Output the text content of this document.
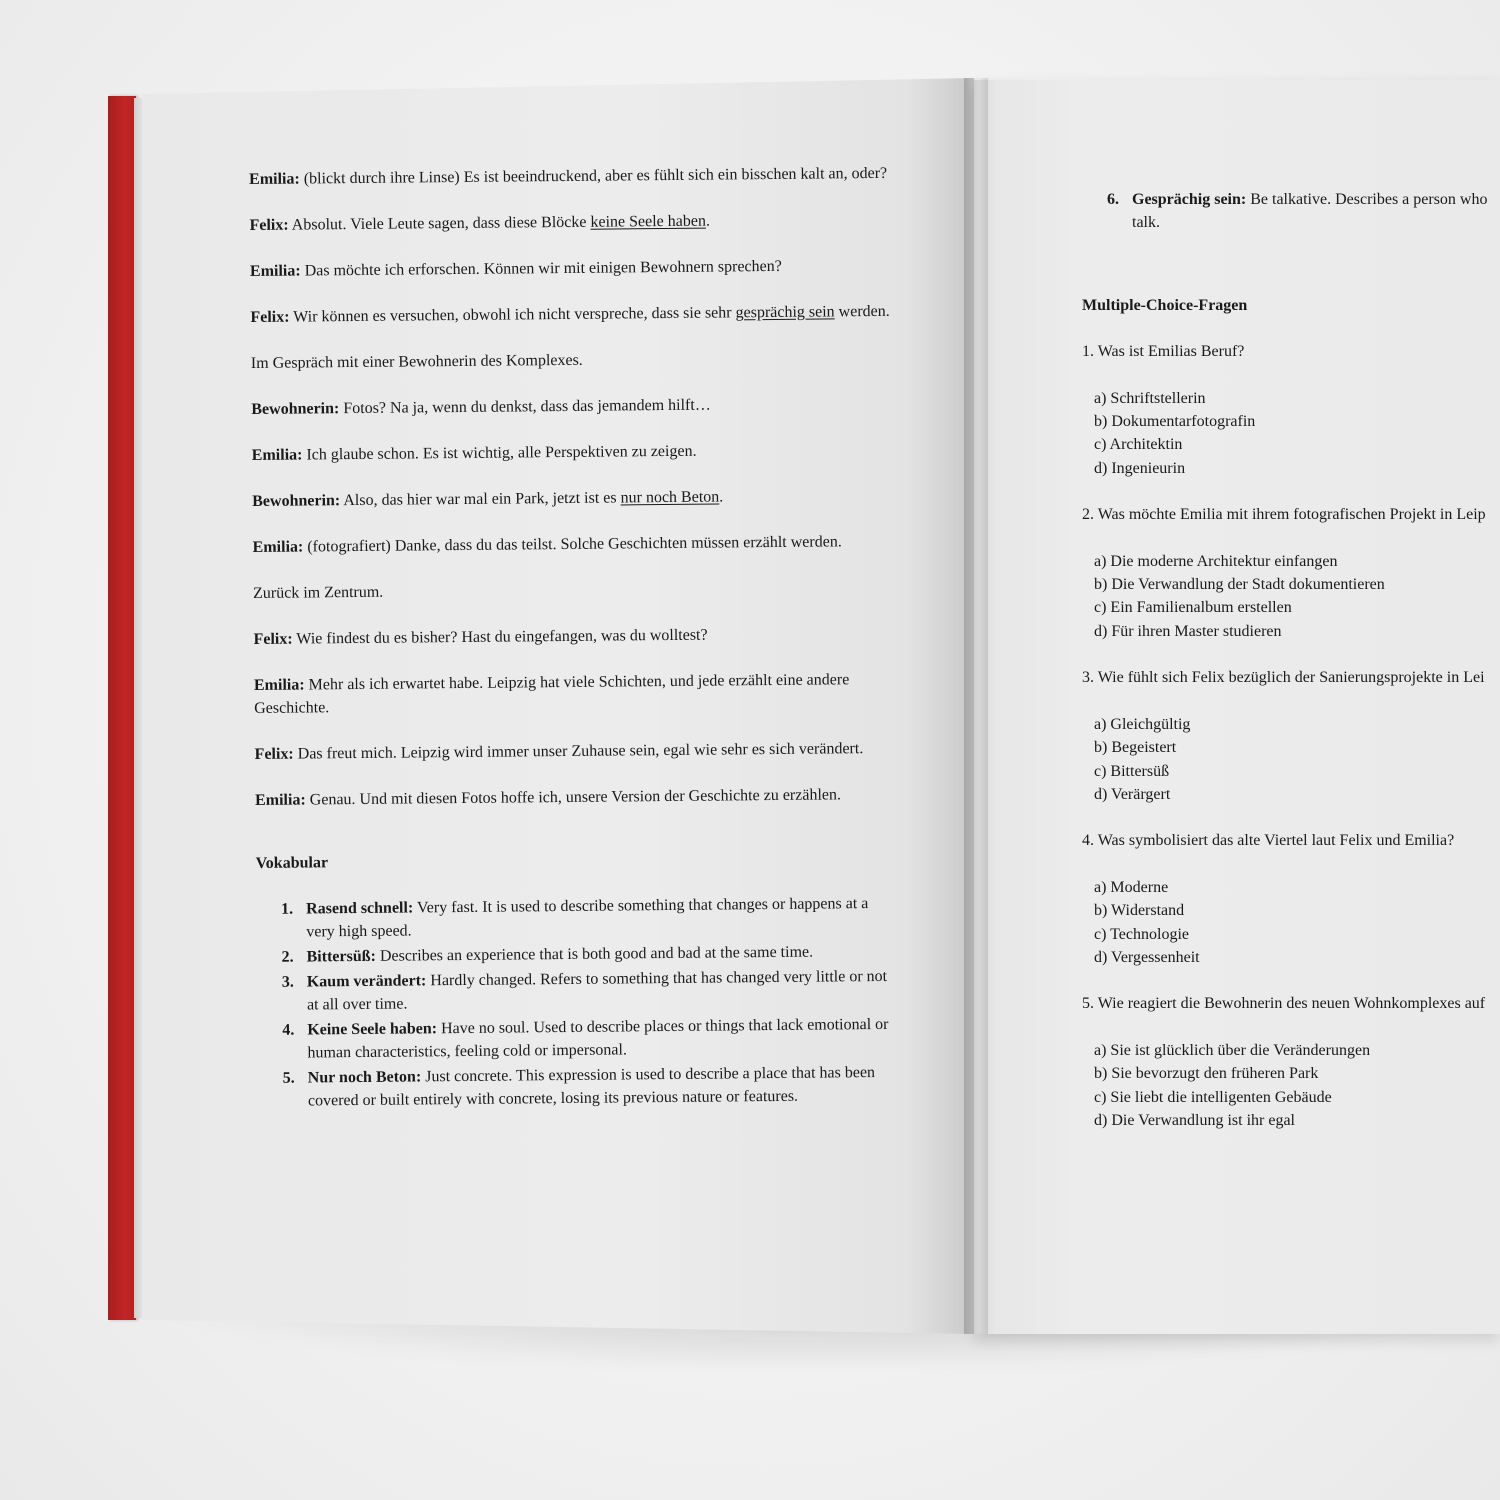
Emilia: (blickt durch ihre Linse) Es ist beeindruckend, aber es fühlt sich ein bisschen kalt an, oder?

Felix: Absolut. Viele Leute sagen, dass diese Blöcke keine Seele haben.

Emilia: Das möchte ich erforschen. Können wir mit einigen Bewohnern sprechen?

Felix: Wir können es versuchen, obwohl ich nicht verspreche, dass sie sehr gesprächig sein werden.

Im Gespräch mit einer Bewohnerin des Komplexes.

Bewohnerin: Fotos? Na ja, wenn du denkst, dass das jemandem hilft…

Emilia: Ich glaube schon. Es ist wichtig, alle Perspektiven zu zeigen.

Bewohnerin: Also, das hier war mal ein Park, jetzt ist es nur noch Beton.

Emilia: (fotografiert) Danke, dass du das teilst. Solche Geschichten müssen erzählt werden.

Zurück im Zentrum.

Felix: Wie findest du es bisher? Hast du eingefangen, was du wolltest?

Emilia: Mehr als ich erwartet habe. Leipzig hat viele Schichten, und jede erzählt eine andere Geschichte.

Felix: Das freut mich. Leipzig wird immer unser Zuhause sein, egal wie sehr es sich verändert.

Emilia: Genau. Und mit diesen Fotos hoffe ich, unsere Version der Geschichte zu erzählen.

Vokabular

1. Rasend schnell: Very fast. It is used to describe something that changes or happens at a very high speed.
2. Bittersüß: Describes an experience that is both good and bad at the same time.
3. Kaum verändert: Hardly changed. Refers to something that has changed very little or not at all over time.
4. Keine Seele haben: Have no soul. Used to describe places or things that lack emotional or human characteristics, feeling cold or impersonal.
5. Nur noch Beton: Just concrete. This expression is used to describe a place that has been covered or built entirely with concrete, losing its previous nature or features.
6. Gesprächig sein: Be talkative. Describes a person who
talk.
Multiple-Choice-Fragen
1. Was ist Emilias Beruf?
a) Schriftstellerin
b) Dokumentarfotografin
c) Architektin
d) Ingenieurin
2. Was möchte Emilia mit ihrem fotografischen Projekt in Leip
a) Die moderne Architektur einfangen
b) Die Verwandlung der Stadt dokumentieren
c) Ein Familienalbum erstellen
d) Für ihren Master studieren
3. Wie fühlt sich Felix bezüglich der Sanierungsprojekte in Lei
a) Gleichgültig
b) Begeistert
c) Bittersüß
d) Verärgert
4. Was symbolisiert das alte Viertel laut Felix und Emilia?
a) Moderne
b) Widerstand
c) Technologie
d) Vergessenheit
5. Wie reagiert die Bewohnerin des neuen Wohnkomplexes auf
a) Sie ist glücklich über die Veränderungen
b) Sie bevorzugt den früheren Park
c) Sie liebt die intelligenten Gebäude
d) Die Verwandlung ist ihr egal
